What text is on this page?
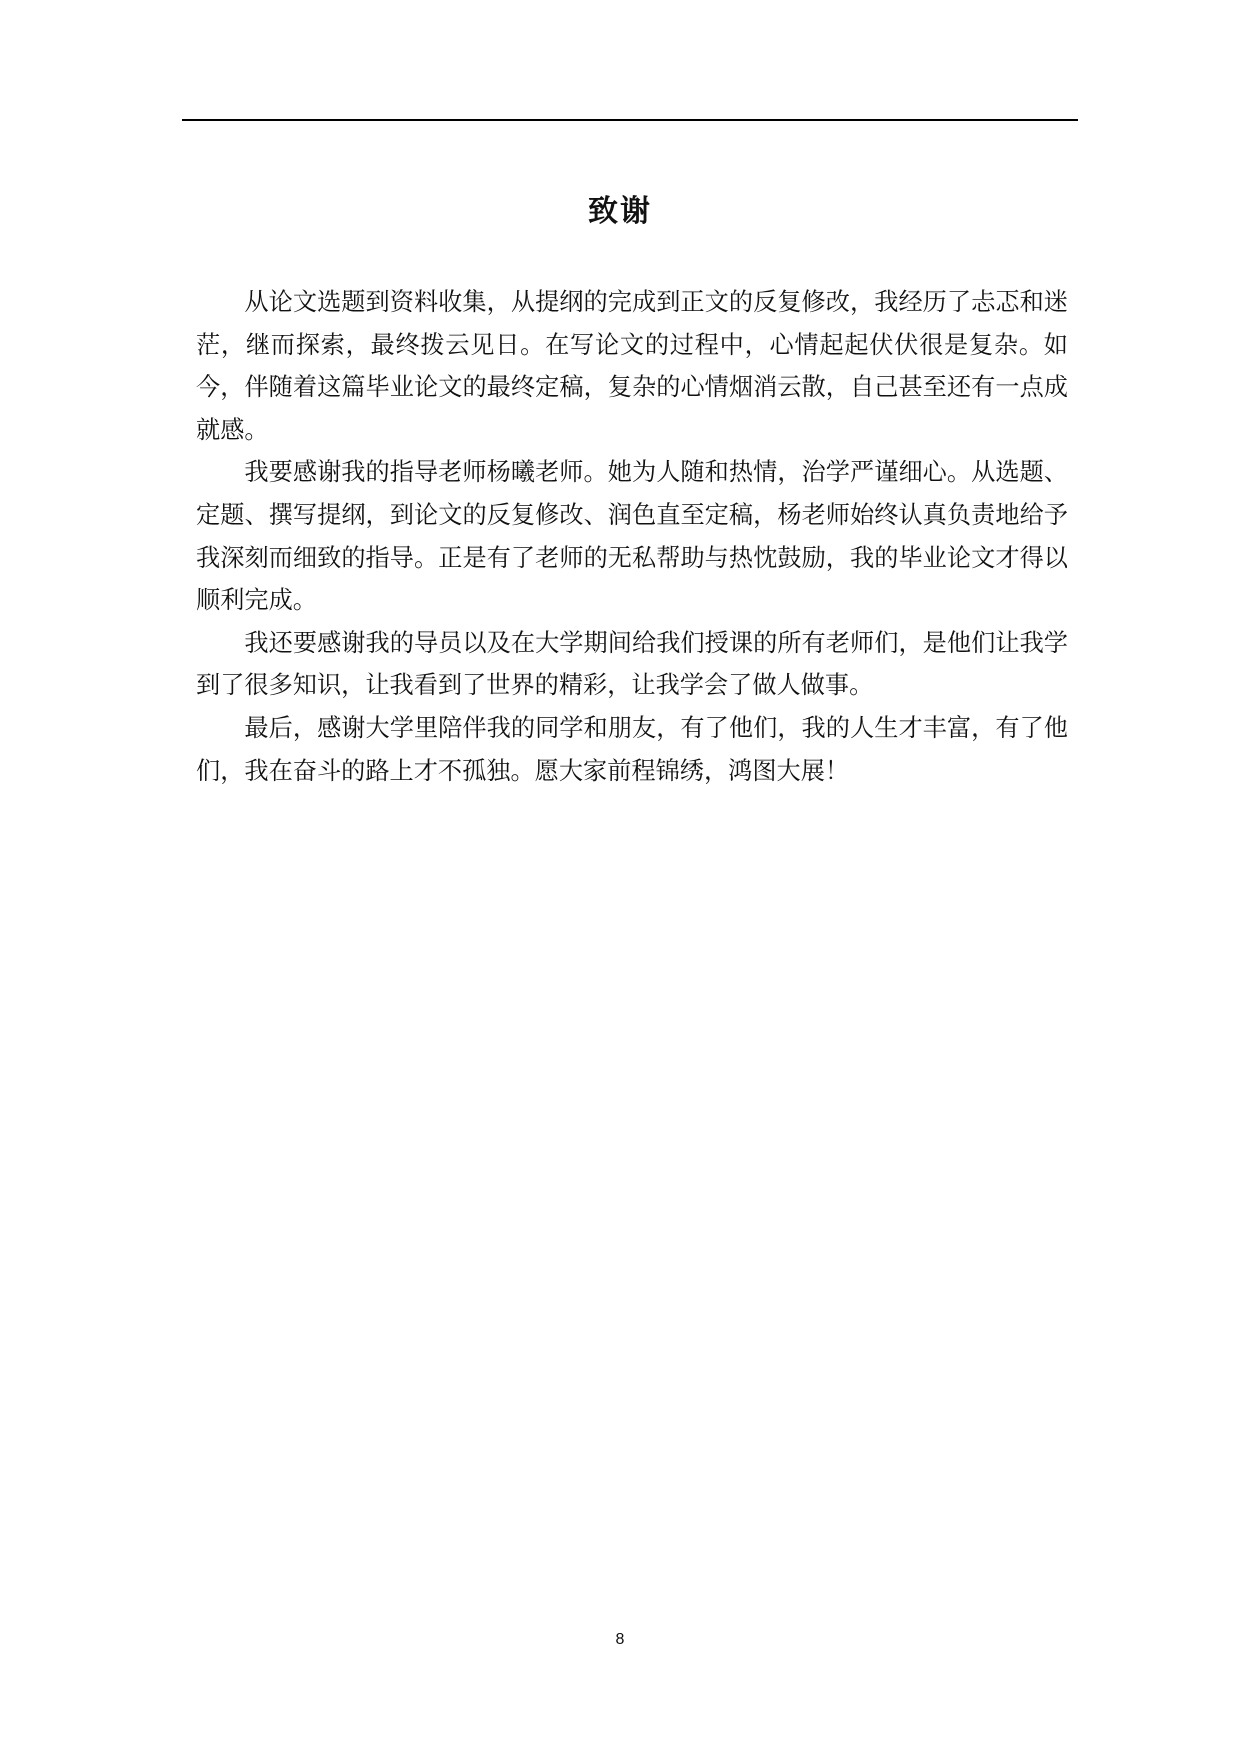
致谢

从论文选题到资料收集，从提纲的完成到正文的反复修改，我经历了忐忑和迷茫，继而探索，最终拨云见日。在写论文的过程中，心情起起伏伏很是复杂。如今，伴随着这篇毕业论文的最终定稿，复杂的心情烟消云散，自己甚至还有一点成就感。

我要感谢我的指导老师杨曦老师。她为人随和热情，治学严谨细心。从选题、定题、撰写提纲，到论文的反复修改、润色直至定稿，杨老师始终认真负责地给予我深刻而细致的指导。正是有了老师的无私帮助与热忱鼓励，我的毕业论文才得以顺利完成。

我还要感谢我的导员以及在大学期间给我们授课的所有老师们，是他们让我学到了很多知识，让我看到了世界的精彩，让我学会了做人做事。

最后，感谢大学里陪伴我的同学和朋友，有了他们，我的人生才丰富，有了他们，我在奋斗的路上才不孤独。愿大家前程锦绣，鸿图大展！

8
